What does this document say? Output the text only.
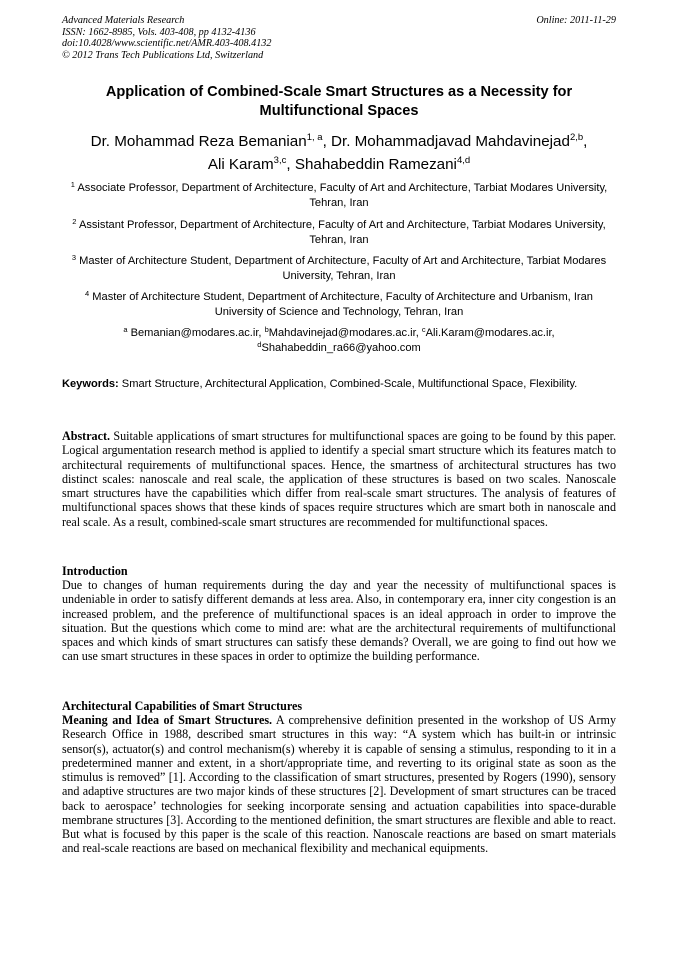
Advanced Materials Research
ISSN: 1662-8985, Vols. 403-408, pp 4132-4136
doi:10.4028/www.scientific.net/AMR.403-408.4132
© 2012 Trans Tech Publications Ltd, Switzerland
Online: 2011-11-29
Application of Combined-Scale Smart Structures as a Necessity for Multifunctional Spaces
Dr. Mohammad Reza Bemanian$^{1, a}$, Dr. Mohammadjavad Mahdavinejad$^{2,b}$,
Ali Karam$^{3,c}$, Shahabeddin Ramezani$^{4,d}$
$^1$ Associate Professor, Department of Architecture, Faculty of Art and Architecture, Tarbiat Modares University, Tehran, Iran
$^2$ Assistant Professor, Department of Architecture, Faculty of Art and Architecture, Tarbiat Modares University, Tehran, Iran
$^3$ Master of Architecture Student, Department of Architecture, Faculty of Art and Architecture, Tarbiat Modares University, Tehran, Iran
$^4$ Master of Architecture Student, Department of Architecture, Faculty of Architecture and Urbanism, Iran University of Science and Technology, Tehran, Iran
$^a$ Bemanian@modares.ac.ir, $^b$Mahdavinejad@modares.ac.ir, $^c$Ali.Karam@modares.ac.ir,
$^d$Shahabeddin_ra66@yahoo.com
Keywords: Smart Structure, Architectural Application, Combined-Scale, Multifunctional Space, Flexibility.
Abstract. Suitable applications of smart structures for multifunctional spaces are going to be found by this paper. Logical argumentation research method is applied to identify a special smart structure which its features match to architectural requirements of multifunctional spaces. Hence, the smartness of architectural structures has two distinct scales: nanoscale and real scale, the application of these structures is based on two scales. Nanoscale smart structures have the capabilities which differ from real-scale smart structures. The analysis of features of multifunctional spaces shows that these kinds of spaces require structures which are smart both in nanoscale and real scale. As a result, combined-scale smart structures are recommended for multifunctional spaces.
Introduction
Due to changes of human requirements during the day and year the necessity of multifunctional spaces is undeniable in order to satisfy different demands at less area. Also, in contemporary era, inner city congestion is an increased problem, and the preference of multifunctional spaces is an ideal approach in order to improve the situation. But the questions which come to mind are: what are the architectural requirements of multifunctional spaces and which kinds of smart structures can satisfy these demands? Overall, we are going to find out how we can use smart structures in these spaces in order to optimize the building performance.
Architectural Capabilities of Smart Structures
Meaning and Idea of Smart Structures. A comprehensive definition presented in the workshop of US Army Research Office in 1988, described smart structures in this way: “A system which has built-in or intrinsic sensor(s), actuator(s) and control mechanism(s) whereby it is capable of sensing a stimulus, responding to it in a predetermined manner and extent, in a short/appropriate time, and reverting to its original state as soon as the stimulus is removed” [1]. According to the classification of smart structures, presented by Rogers (1990), sensory and adaptive structures are two major kinds of these structures [2]. Development of smart structures can be traced back to aerospace’ technologies for seeking incorporate sensing and actuation capabilities into space-durable membrane structures [3]. According to the mentioned definition, the smart structures are flexible and able to react. But what is focused by this paper is the scale of this reaction. Nanoscale reactions are based on smart materials and real-scale reactions are based on mechanical flexibility and mechanical equipments.
